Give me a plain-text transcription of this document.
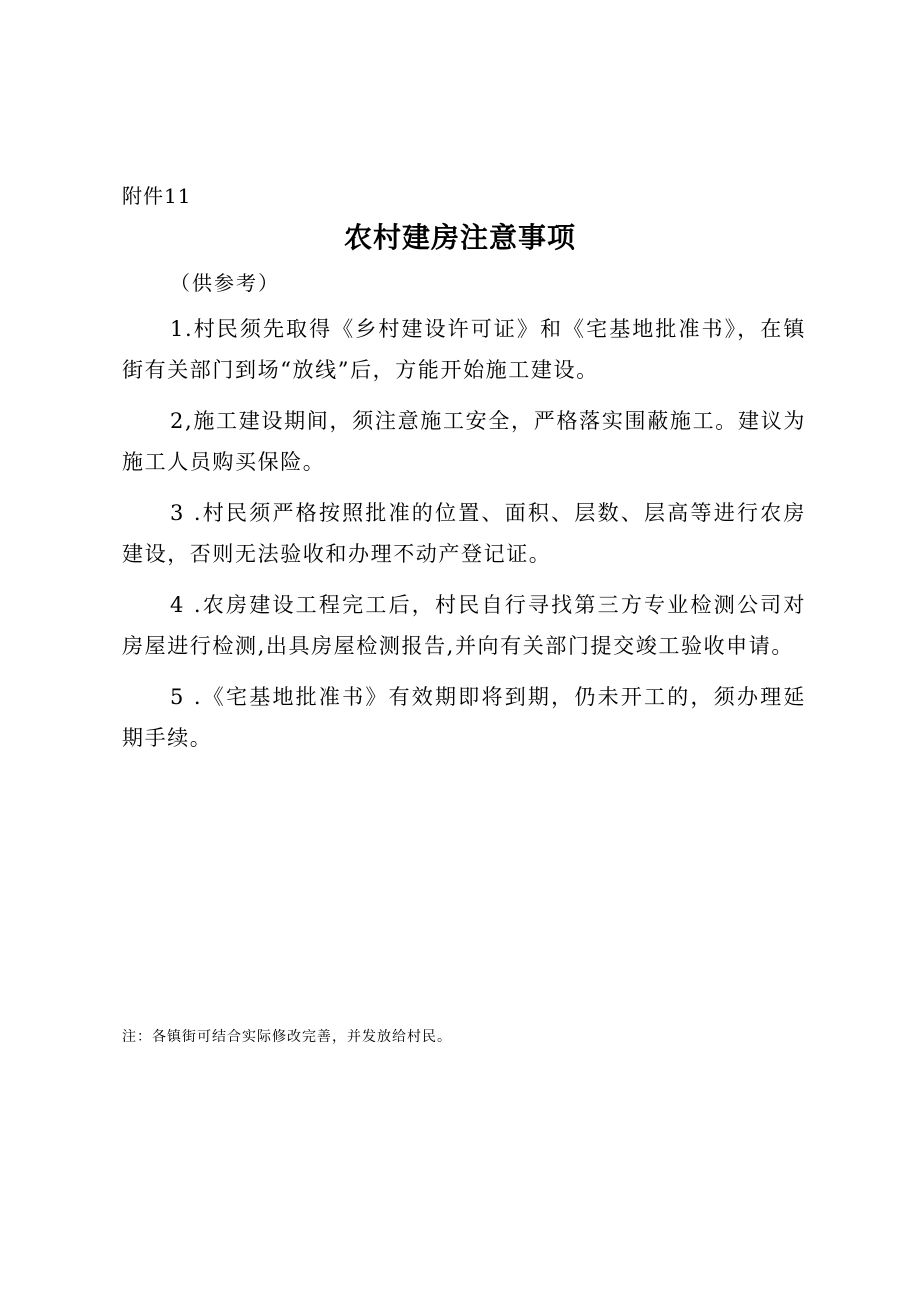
附件11
农村建房注意事项
（供参考）

1.村民须先取得《乡村建设许可证》和《宅基地批准书》，在镇街有关部门到场“放线”后，方能开始施工建设。

2,施工建设期间，须注意施工安全，严格落实围蔽施工。建议为施工人员购买保险。

3 .村民须严格按照批准的位置、面积、层数、层高等进行农房建设，否则无法验收和办理不动产登记证。

4 .农房建设工程完工后，村民自行寻找第三方专业检测公司对房屋进行检测,出具房屋检测报告,并向有关部门提交竣工验收申请。

5 .《宅基地批准书》有效期即将到期，仍未开工的，须办理延期手续。

注：各镇街可结合实际修改完善，并发放给村民。
